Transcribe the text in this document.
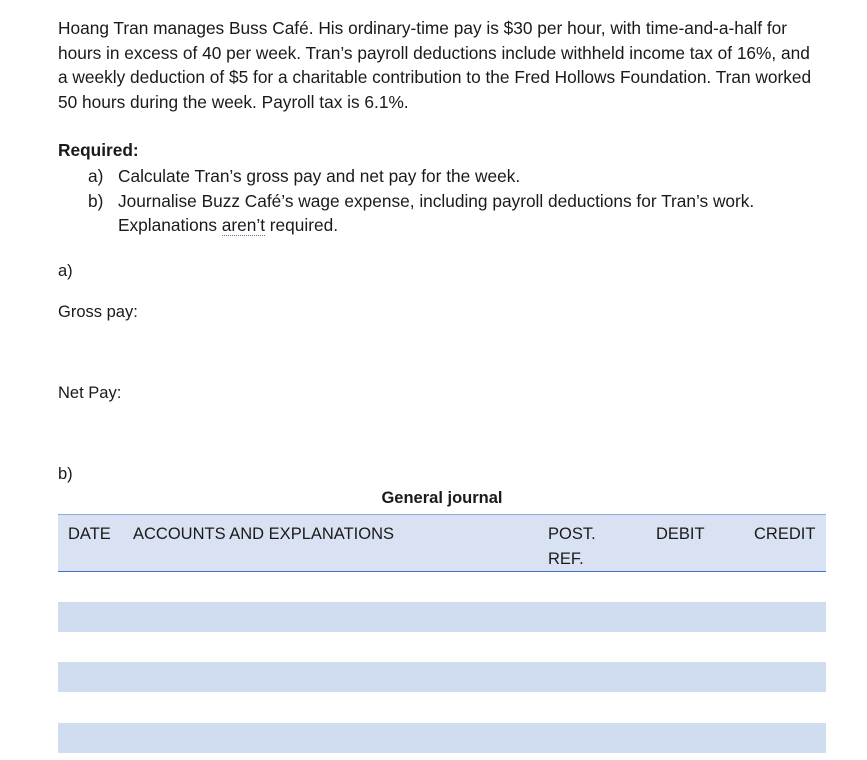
Hoang Tran manages Buss Café. His ordinary-time pay is $30 per hour, with time-and-a-half for hours in excess of 40 per week. Tran’s payroll deductions include withheld income tax of 16%, and a weekly deduction of $5 for a charitable contribution to the Fred Hollows Foundation. Tran worked 50 hours during the week. Payroll tax is 6.1%.

Required:

a) Calculate Tran’s gross pay and net pay for the week.
b) Journalise Buzz Café’s wage expense, including payroll deductions for Tran’s work. Explanations aren’t required.

a)

Gross pay:

Net Pay:

b)

General journal

DATE ACCOUNTS AND EXPLANATIONS	POST. REF.
DEBIT	CREDIT
